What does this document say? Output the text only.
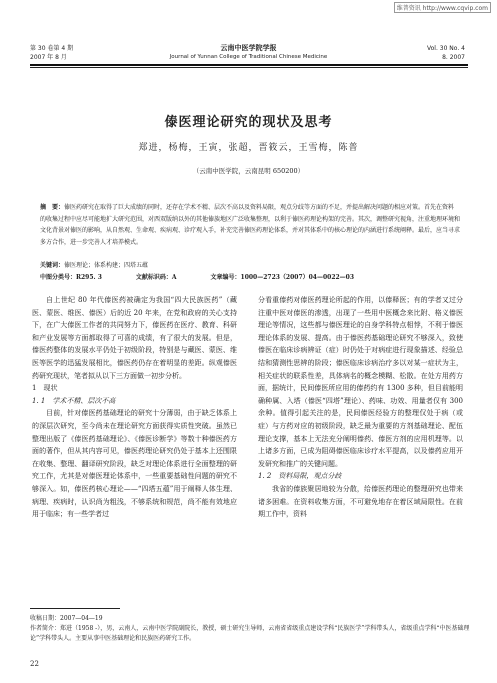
维普资讯 http://www.cqvip.com
第 30 卷第 4 期
2007 年 8 月
云南中医学院学报
Journal of Yunnan College of Traditional Chinese Medicine
Vol. 30 No. 4
8. 2007
傣医理论研究的现状及思考
郑进，杨梅，王寅，张超，晋筱云，王雪梅，陈普
（云南中医学院，云南昆明 650200）
摘　要：傣医药研究在取得了巨大成绩的同时，还存在学术不精、层次不高以及资料局限，观点分歧等方面的不足，并提出解决问题的相应对策。首先在资料的收集过程中应尽可能地扩大研究范围，对西双版纳以外的其他傣族地区广泛收集整理，以利于傣医药理论构架的完善。其次，调整研究视角，注重地理环境和文化背景对傣医的影响，从自然观、生命观、疾病观、诊疗观入手，补充完善傣医药理论体系，并对其体系中的核心理论的内涵进行系统阐释。最后，应当寻求多方合作，进一步完善人才培养模式。
关键词：傣医理论；体系构建；四塔五蕴
中图分类号：R295. 3	文献标识码：A	文章编号：1000—2723（2007）04—0022—03

自上世纪 80 年代傣医药被确定为我国“四大民族医药”（藏医、蒙医、维医、傣医）后的近 20 年来，在党和政府的关心支持下，在广大傣医工作者的共同努力下，傣医药在医疗、教育、科研和产业发展等方面都取得了可喜的成绩，有了很大的发展。但是，傣医药整体的发展水平仍处于初级阶段，特别是与藏医、蒙医、维医等医学的迅猛发展相比，傣医药仍存在着明显的差距。纵观傣医药研究现状，笔者拟从以下三方面做一初步分析。

1　现状

1. 1　学术不精、层次不高

目前，针对傣医药基础理论的研究十分薄弱，由于缺乏体系上的深层次研究，至今尚未在理论研究方面获得实质性突破。虽然已整理出版了《傣医药基础理论》、《傣医诊断学》等数十种傣医药方面的著作，但从其内容可见，傣医药理论研究仍处于基本上还围限在收集、整理、翻译研究阶段，缺乏对理论体系进行全面整理的研究工作，尤其是对傣医理论体系中，一些重要基础性问题的研究不够深入。如，傣医药核心理论——“四塔五蕴”用于阐释人体生理、病理、疾病时，认识尚为粗浅，不够系统和规范，尚不能有效地应用于临床；有一些学者过

分看重傣药对傣医药理论所起的作用，以傣释医；有的学者又过分注重中医对傣医的渗透，出现了一些用中医概念来比附、格义傣医理论等情况，这些都与傣医理论的自身学科特点相悖，不利于傣医理论体系的发展、提高。由于傣医药基础理论研究不够深入，致使傣医在临床诊病辨证（症）时仍处于对病症进行现象描述、经验总结和猜测性思辨的阶段；傣医临床诊病治疗多以对某一症状为主，相关症状的联系性差，具体病名的概念模糊、松散。在处方用药方面，据统计，民间傣医所应用的傣药约有 1300 多种，但目前能明确种属、入塔（傣医“四塔”理论）、药味、功效、用量者仅有 300 余种。值得引起关注的是，民间傣医经验方的整理仅处于病（或症）与方药对应的初级阶段，缺乏最为重要的方剂基础理论、配伍理论支撑，基本上无法充分阐明傣药、傣医方剂的应用机理等。以上诸多方面，已成为阻碍傣医临床诊疗水平提高，以及傣药应用开发研究和推广的关键问题。

1. 2　资料局限，观点分歧

我省的傣族聚居地较为分散，给傣医药理论的整理研究也带来诸多困难。在资料收集方面，不可避免地存在着区域局限性。在前期工作中，资料

收稿日期：2007—04—19
作者简介：郑进（1958 -），男，云南人，云南中医学院副院长，教授，硕士研究生导师，云南省省级重点建设学科“民族医学”学科带头人，省级重点学科“中医基础理论”学科带头人。主要从事中医基础理论和民族医药研究工作。
22
